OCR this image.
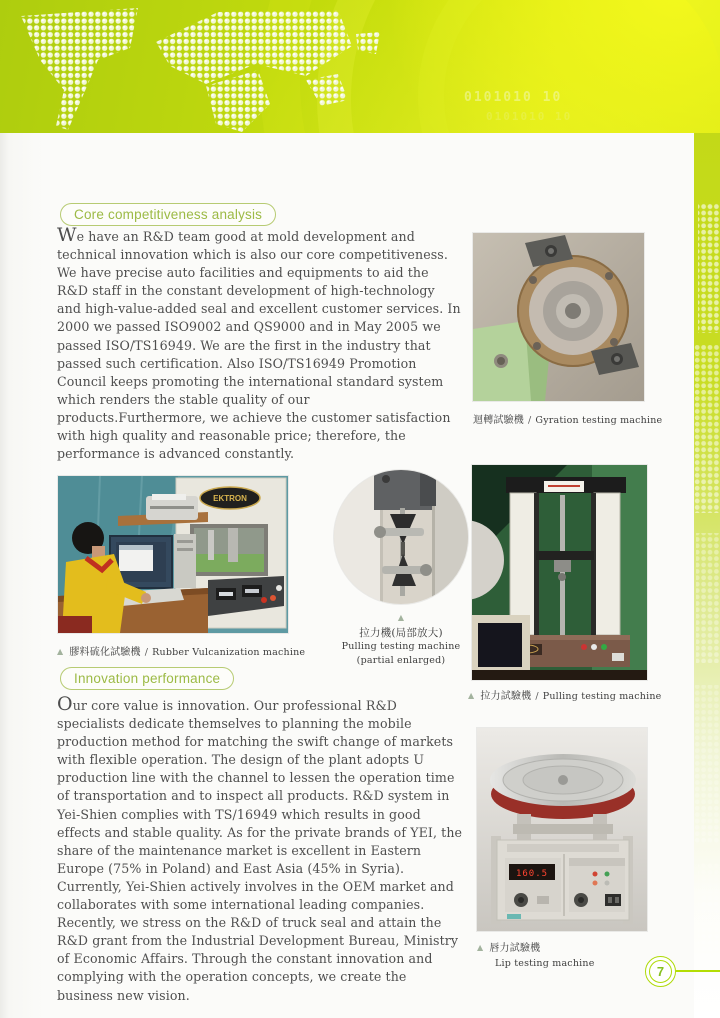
0101010 10
0101010 10
Core competitiveness analysis

We have an R&D team good at mold development and technical innovation which is also our core competitiveness. We have precise auto facilities and equipments to aid the R&D staff in the constant development of high-technology and high-value-added seal and excellent customer services. In 2000 we passed ISO9002 and QS9000 and in May 2005 we passed ISO/TS16949. We are the first in the industry that passed such certification. Also ISO/TS16949 Promotion Council keeps promoting the international standard system which renders the stable quality of our products.Furthermore, we achieve the customer satisfaction with high quality and reasonable price; therefore, the performance is advanced constantly.

迴轉試驗機 / Gyration testing machine
EKTRON
▲ 膠料硫化試驗機 / Rubber Vulcanization machine
▲
拉力機(局部放大)
Pulling testing machine
(partial enlarged)
▲ 拉力試驗機 / Pulling testing machine
Innovation performance

Our core value is innovation. Our professional R&D specialists dedicate themselves to planning the mobile production method for matching the swift change of markets with flexible operation. The design of the plant adopts U production line with the channel to lessen the operation time of transportation and to inspect all products. R&D system in Yei-Shien complies with TS/16949 which results in good effects and stable quality. As for the private brands of YEI, the share of the maintenance market is excellent in Eastern Europe (75% in Poland) and East Asia (45% in Syria). Currently, Yei-Shien actively involves in the OEM market and collaborates with some international leading companies. Recently, we stress on the R&D of truck seal and attain the R&D grant from the Industrial Development Bureau, Ministry of Economic Affairs. Through the constant innovation and complying with the operation concepts, we create the business new vision.

160.5
▲ 唇力試驗機
Lip testing machine
7
